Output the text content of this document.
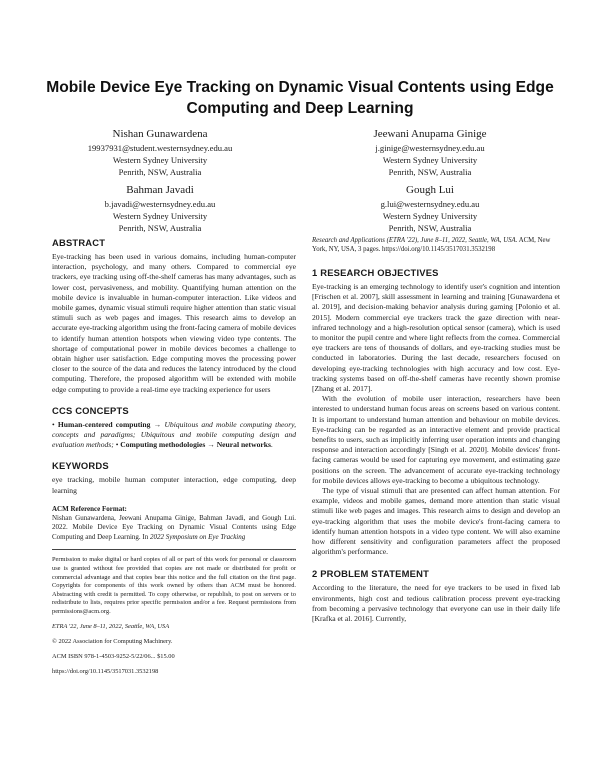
Mobile Device Eye Tracking on Dynamic Visual Contents using Edge Computing and Deep Learning
Nishan Gunawardena
19937931@student.westernsydney.edu.au
Western Sydney University
Penrith, NSW, Australia
Jeewani Anupama Ginige
j.ginige@westernsydney.edu.au
Western Sydney University
Penrith, NSW, Australia
Bahman Javadi
b.javadi@westernsydney.edu.au
Western Sydney University
Penrith, NSW, Australia
Gough Lui
g.lui@westernsydney.edu.au
Western Sydney University
Penrith, NSW, Australia
ABSTRACT

Eye-tracking has been used in various domains, including human-computer interaction, psychology, and many others. Compared to commercial eye trackers, eye tracking using off-the-shelf cameras has many advantages, such as lower cost, pervasiveness, and mobility. Quantifying human attention on the mobile device is invaluable in human-computer interaction. Like videos and mobile games, dynamic visual stimuli require higher attention than static visual stimuli such as web pages and images. This research aims to develop an accurate eye-tracking algorithm using the front-facing camera of mobile devices to identify human attention hotspots when viewing video type contents. The shortage of computational power in mobile devices becomes a challenge to obtain higher user satisfaction. Edge computing moves the processing power closer to the source of the data and reduces the latency introduced by the cloud computing. Therefore, the proposed algorithm will be extended with mobile edge computing to provide a real-time eye tracking experience for users

CCS CONCEPTS

• Human-centered computing → Ubiquitous and mobile computing theory, concepts and paradigms; Ubiquitous and mobile computing design and evaluation methods; • Computing methodologies → Neural networks.

KEYWORDS

eye tracking, mobile human computer interaction, edge computing, deep learning

ACM Reference Format:

Nishan Gunawardena, Jeewani Anupama Ginige, Bahman Javadi, and Gough Lui. 2022. Mobile Device Eye Tracking on Dynamic Visual Contents using Edge Computing and Deep Learning. In 2022 Symposium on Eye Tracking

Permission to make digital or hard copies of all or part of this work for personal or classroom use is granted without fee provided that copies are not made or distributed for profit or commercial advantage and that copies bear this notice and the full citation on the first page. Copyrights for components of this work owned by others than ACM must be honored. Abstracting with credit is permitted. To copy otherwise, or republish, to post on servers or to redistribute to lists, requires prior specific permission and/or a fee. Request permissions from permissions@acm.org.

ETRA '22, June 8–11, 2022, Seattle, WA, USA

© 2022 Association for Computing Machinery.

ACM ISBN 978-1-4503-9252-5/22/06... $15.00

https://doi.org/10.1145/3517031.3532198

Research and Applications (ETRA '22), June 8–11, 2022, Seattle, WA, USA. ACM, New York, NY, USA, 3 pages. https://doi.org/10.1145/3517031.3532198

1 RESEARCH OBJECTIVES

Eye-tracking is an emerging technology to identify user's cognition and intention [Frischen et al. 2007], skill assessment in learning and training [Gunawardena et al. 2019], and decision-making behavior analysis during gaming [Polonio et al. 2015]. Modern commercial eye trackers track the gaze direction with near-infrared technology and a high-resolution optical sensor (camera), which is used to monitor the pupil centre and where light reflects from the cornea. Commercial eye trackers are tens of thousands of dollars, and eye-tracking studies must be conducted in laboratories. During the last decade, researchers focused on developing eye-tracking technologies with high accuracy and low cost. Eye-tracking systems based on off-the-shelf cameras have recently shown promise [Zhang et al. 2017].

With the evolution of mobile user interaction, researchers have been interested to understand human focus areas on screens based on various content. It is important to understand human attention and behaviour on mobile devices. Eye-tracking can be regarded as an interactive element and provide practical benefits to users, such as implicitly inferring user operation intents and changing response and interaction accordingly [Singh et al. 2020]. Mobile devices' front-facing cameras would be used for capturing eye movement, and estimating gaze positions on the screen. The advancement of accurate eye-tracking technology for mobile devices allows eye-tracking to become a ubiquitous technology.

The type of visual stimuli that are presented can affect human attention. For example, videos and mobile games, demand more attention than static visual stimuli like web pages and images. This research aims to design and develop an eye-tracking algorithm that uses the mobile device's front-facing camera to identify human attention hotspots in a video type content. We will also examine how different sensitivity and configuration parameters affect the proposed algorithm's performance.

2 PROBLEM STATEMENT

According to the literature, the need for eye trackers to be used in fixed lab environments, high cost and tedious calibration process prevent eye-tracking from becoming a pervasive technology that everyone can use in their daily life [Krafka et al. 2016]. Currently,
